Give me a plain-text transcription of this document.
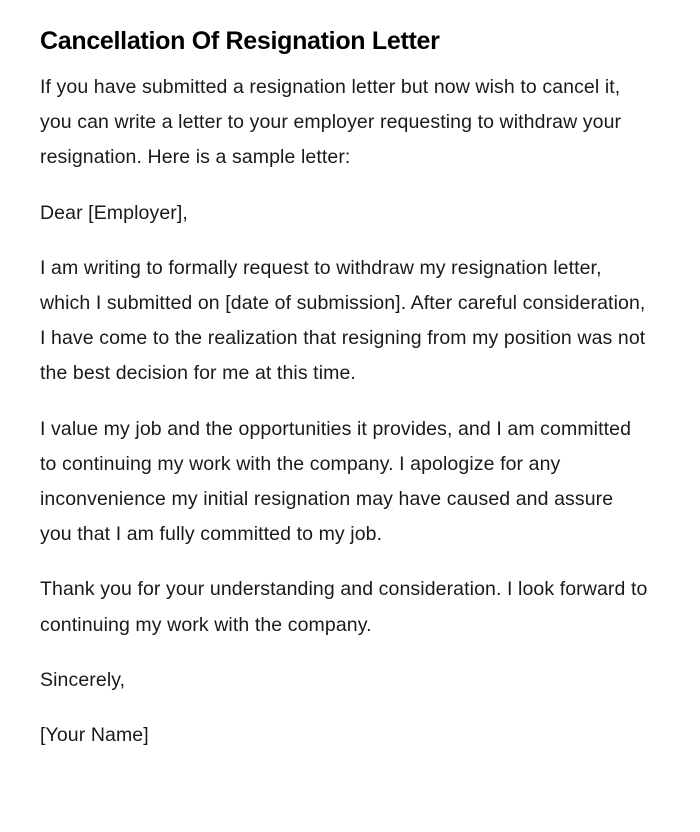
Cancellation Of Resignation Letter

If you have submitted a resignation letter but now wish to cancel it, you can write a letter to your employer requesting to withdraw your resignation. Here is a sample letter:

Dear [Employer],

I am writing to formally request to withdraw my resignation letter, which I submitted on [date of submission]. After careful consideration, I have come to the realization that resigning from my position was not the best decision for me at this time.

I value my job and the opportunities it provides, and I am committed to continuing my work with the company. I apologize for any inconvenience my initial resignation may have caused and assure you that I am fully committed to my job.

Thank you for your understanding and consideration. I look forward to continuing my work with the company.

Sincerely,

[Your Name]
